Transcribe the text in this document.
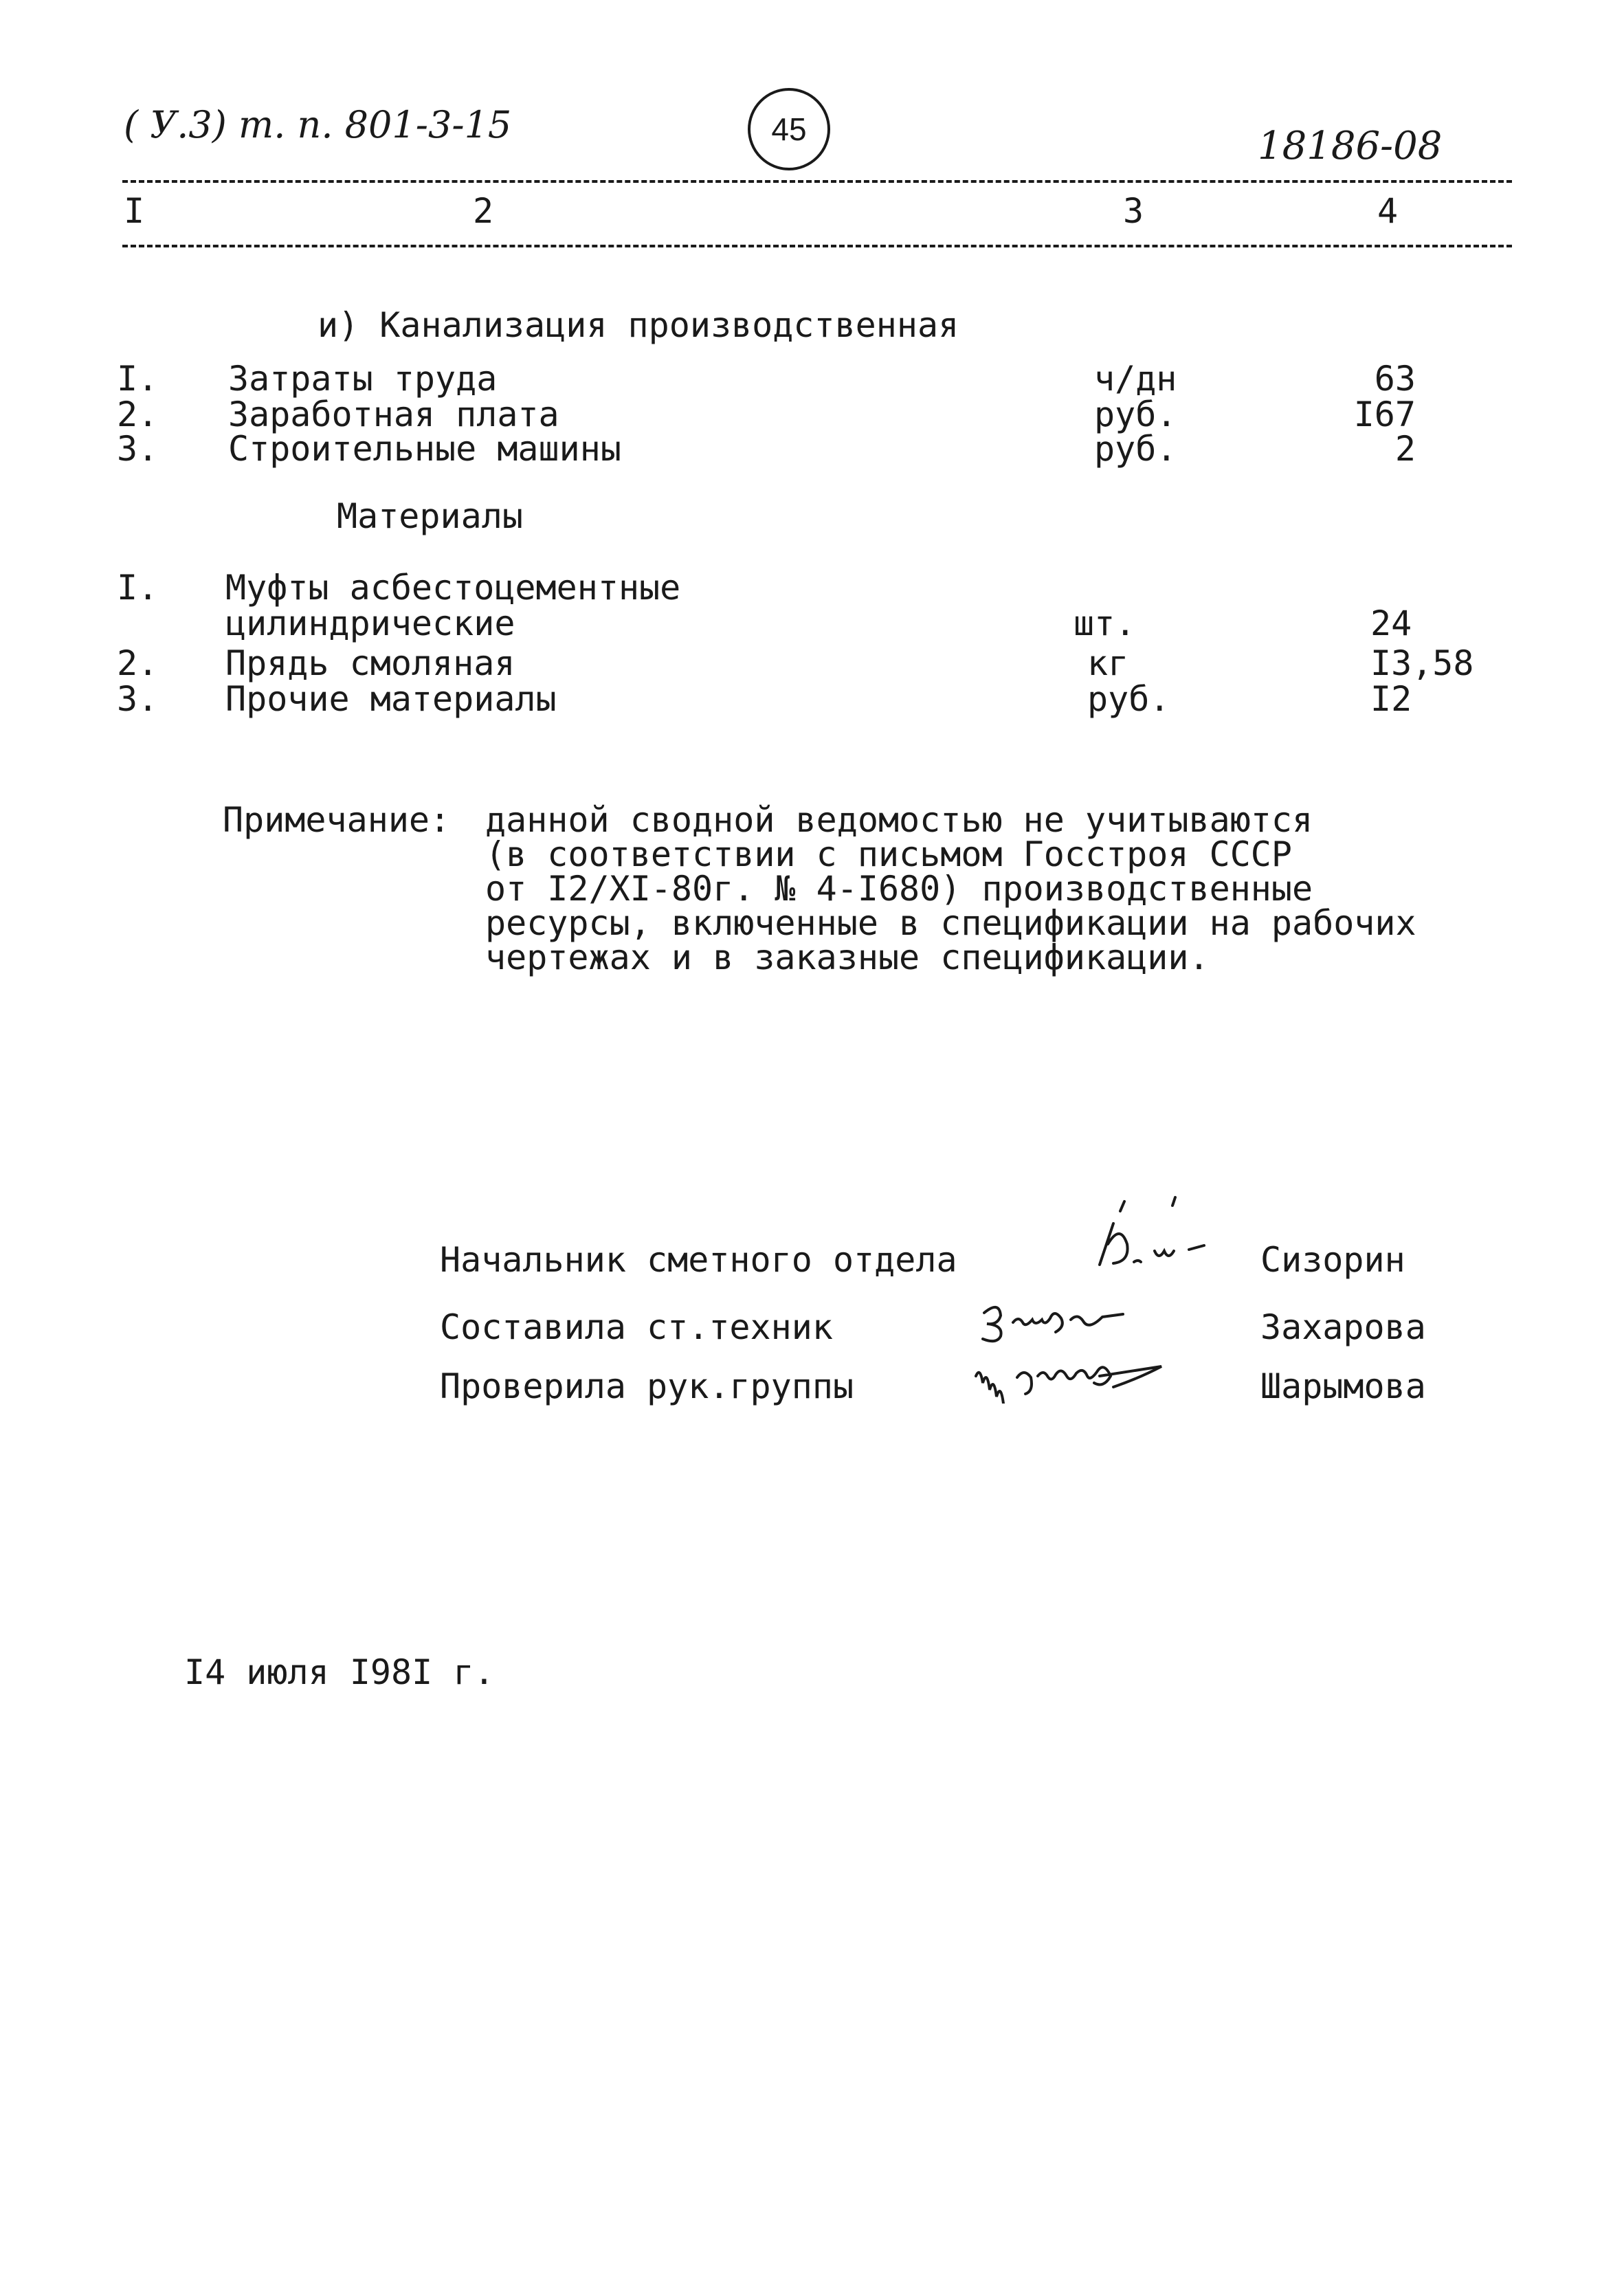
( У.3) т. п. 801-3-15	45	18186-08
I	2	3	4
и) Канализация производственная
I. Затраты труда	ч/дн	63
2. Заработная плата	руб.	I67
3. Строительные машины	руб.	2
Материалы
I. Муфты асбестоцементные
цилиндрические	шт.	24
2. Прядь смоляная	кг	I3,58
3. Прочие материалы	руб.	I2
Примечание: данной сводной ведомостью не учитываются
(в соответствии с письмом Госстроя СССР
от I2/XI-80г. № 4-I680) производственные
ресурсы, включенные в спецификации на рабочих
чертежах и в заказные спецификации.
Начальник сметного отдела	Сизорин
Составила ст.техник	Захарова
Проверила рук.группы	Шарымова
I4 июля I98I г.
